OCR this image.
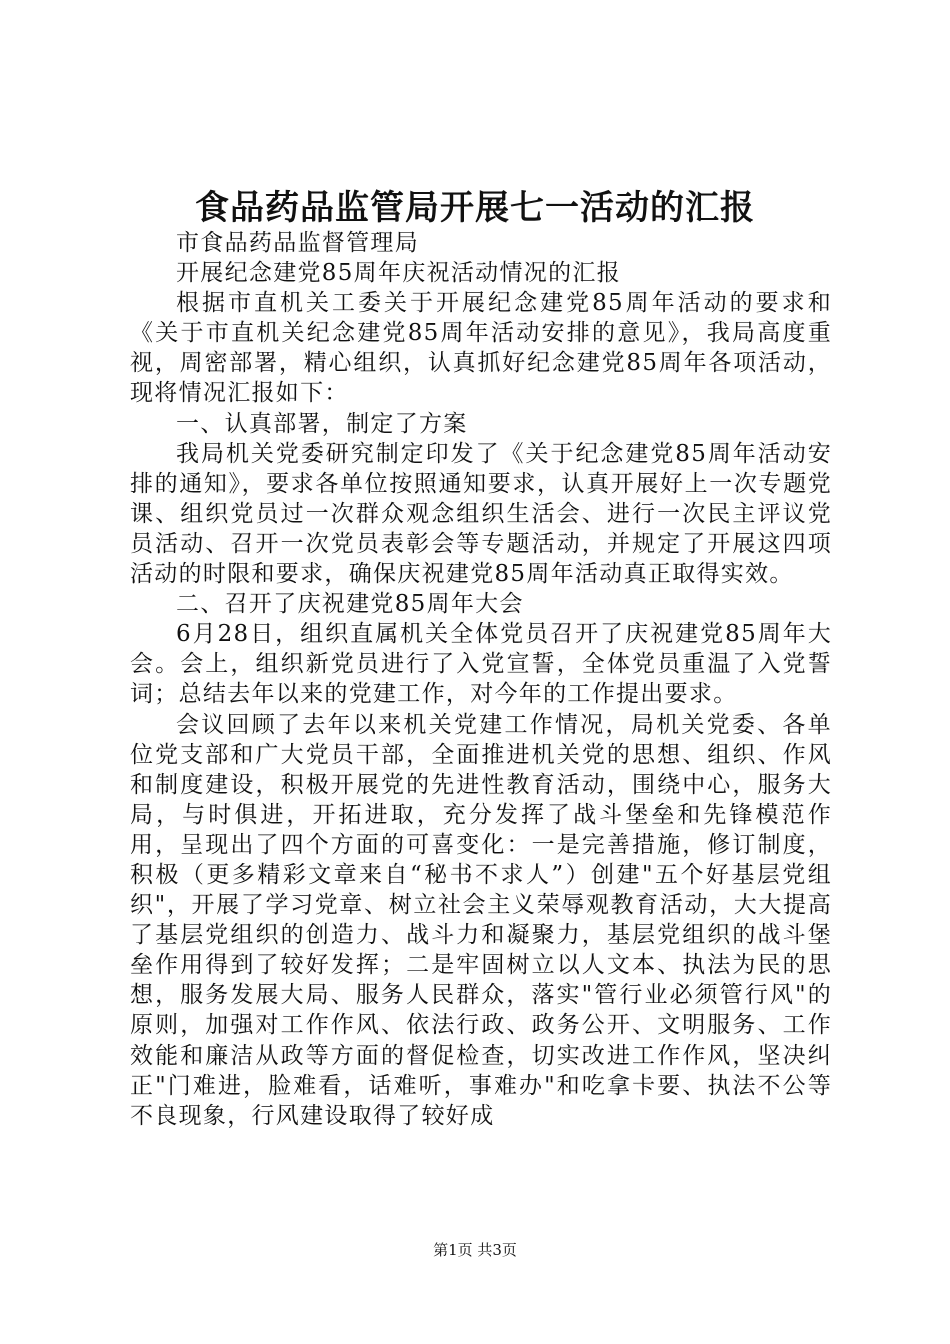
食品药品监管局开展七一活动的汇报

市食品药品监督管理局

开展纪念建党85周年庆祝活动情况的汇报

根据市直机关工委关于开展纪念建党85周年活动的要求和《关于市直机关纪念建党85周年活动安排的意见》，我局高度重视，周密部署，精心组织，认真抓好纪念建党85周年各项活动，现将情况汇报如下：

一、认真部署，制定了方案

我局机关党委研究制定印发了《关于纪念建党85周年活动安排的通知》，要求各单位按照通知要求，认真开展好上一次专题党课、组织党员过一次群众观念组织生活会、进行一次民主评议党员活动、召开一次党员表彰会等专题活动，并规定了开展这四项活动的时限和要求，确保庆祝建党85周年活动真正取得实效。

二、召开了庆祝建党85周年大会

6月28日，组织直属机关全体党员召开了庆祝建党85周年大会。会上，组织新党员进行了入党宣誓，全体党员重温了入党誓词；总结去年以来的党建工作，对今年的工作提出要求。

会议回顾了去年以来机关党建工作情况，局机关党委、各单位党支部和广大党员干部，全面推进机关党的思想、组织、作风和制度建设，积极开展党的先进性教育活动，围绕中心，服务大局，与时俱进，开拓进取，充分发挥了战斗堡垒和先锋模范作用，呈现出了四个方面的可喜变化：一是完善措施，修订制度，积极（更多精彩文章来自“秘书不求人”）创建"五个好基层党组织"，开展了学习党章、树立社会主义荣辱观教育活动，大大提高了基层党组织的创造力、战斗力和凝聚力，基层党组织的战斗堡垒作用得到了较好发挥；二是牢固树立以人文本、执法为民的思想，服务发展大局、服务人民群众，落实"管行业必须管行风"的原则，加强对工作作风、依法行政、政务公开、文明服务、工作效能和廉洁从政等方面的督促检查，切实改进工作作风，坚决纠正"门难进，脸难看，话难听，事难办"和吃拿卡要、执法不公等不良现象，行风建设取得了较好成

第1页 共3页
